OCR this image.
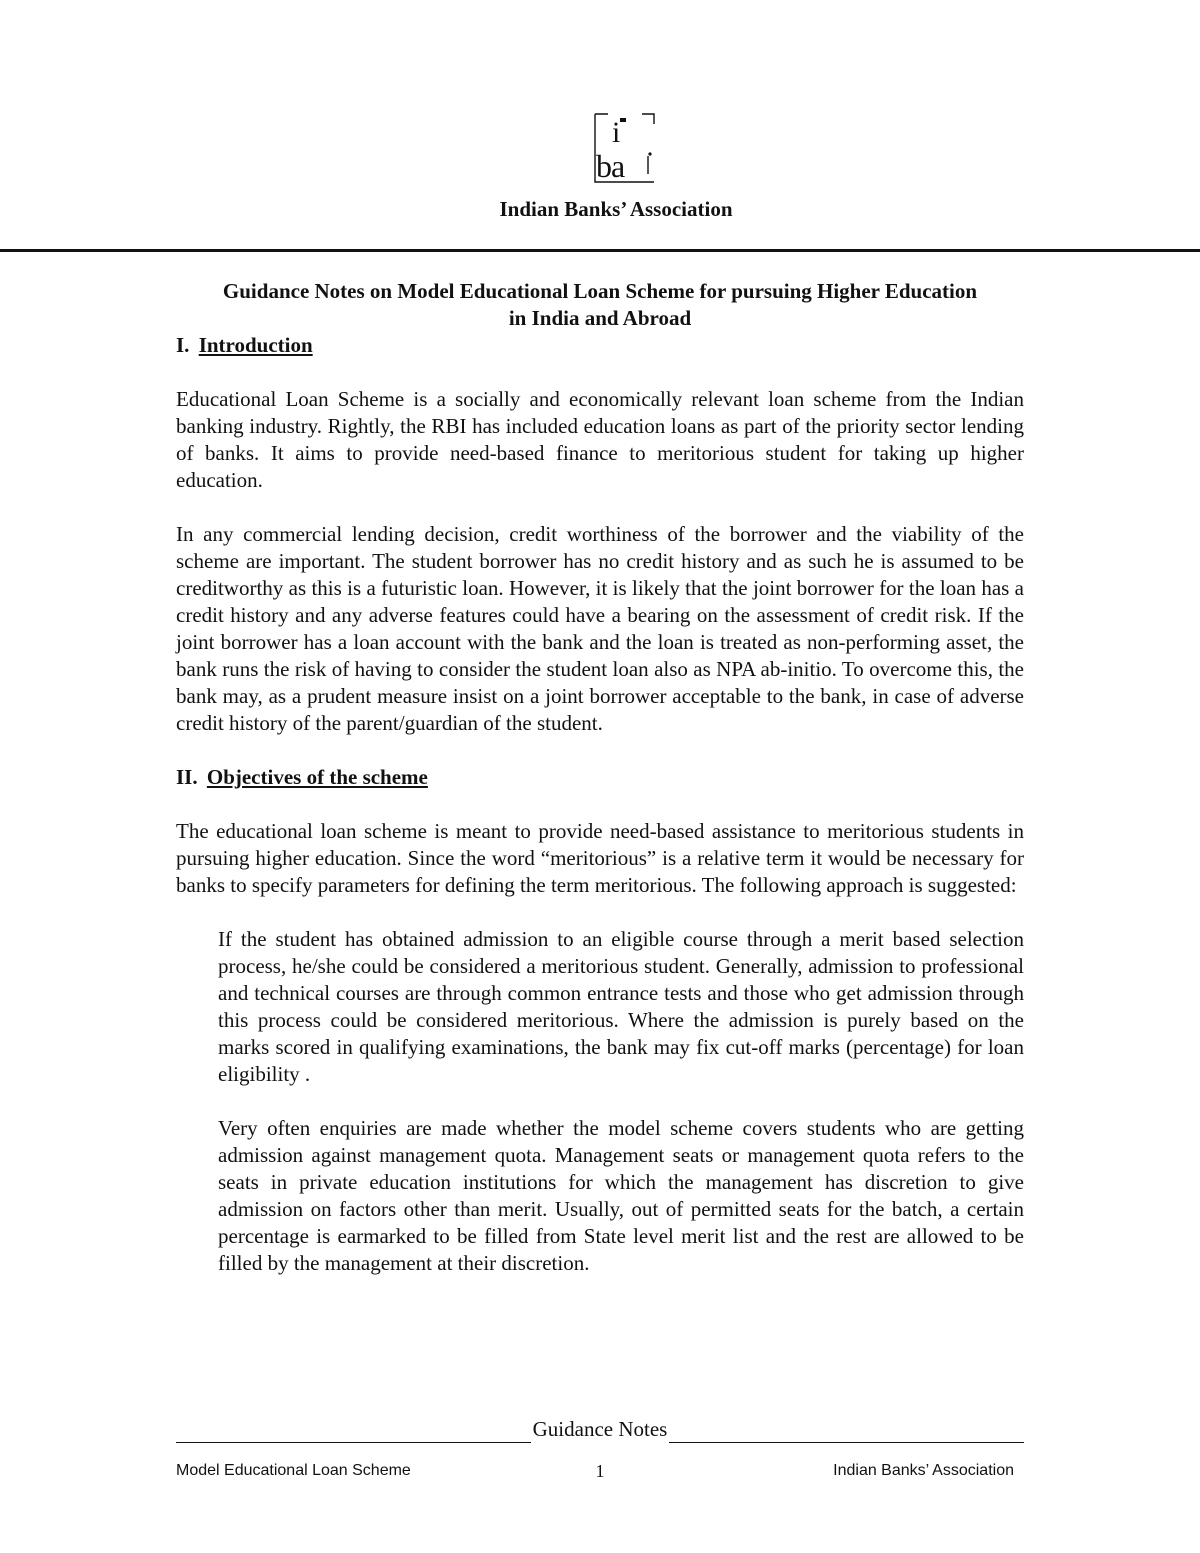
i
ba
Indian Banks’ Association

Guidance Notes on Model Educational Loan Scheme for pursuing Higher Education

in India and Abroad

I. Introduction

Educational Loan Scheme is a socially and economically relevant loan scheme from the Indian banking industry. Rightly, the RBI has included education loans as part of the priority sector lending of banks. It aims to provide need-based finance to meritorious student for taking up higher education.

In any commercial lending decision, credit worthiness of the borrower and the viability of the scheme are important. The student borrower has no credit history and as such he is assumed to be creditworthy as this is a futuristic loan. However, it is likely that the joint borrower for the loan has a credit history and any adverse features could have a bearing on the assessment of credit risk. If the joint borrower has a loan account with the bank and the loan is treated as non-performing asset, the bank runs the risk of having to consider the student loan also as NPA ab-initio. To overcome this, the bank may, as a prudent measure insist on a joint borrower acceptable to the bank, in case of adverse credit history of the parent/guardian of the student.

II. Objectives of the scheme

The educational loan scheme is meant to provide need-based assistance to meritorious students in pursuing higher education. Since the word “meritorious” is a relative term it would be necessary for banks to specify parameters for defining the term meritorious. The following approach is suggested:

If the student has obtained admission to an eligible course through a merit based selection process, he/she could be considered a meritorious student. Generally, admission to professional and technical courses are through common entrance tests and those who get admission through this process could be considered meritorious. Where the admission is purely based on the marks scored in qualifying examinations, the bank may fix cut-off marks (percentage) for loan eligibility .

Very often enquiries are made whether the model scheme covers students who are getting admission against management quota. Management seats or management quota refers to the seats in private education institutions for which the management has discretion to give admission on factors other than merit. Usually, out of permitted seats for the batch, a certain percentage is earmarked to be filled from State level merit list and the rest are allowed to be filled by the management at their discretion.

Guidance Notes
Model Educational Loan Scheme	1	Indian Banks’ Association
